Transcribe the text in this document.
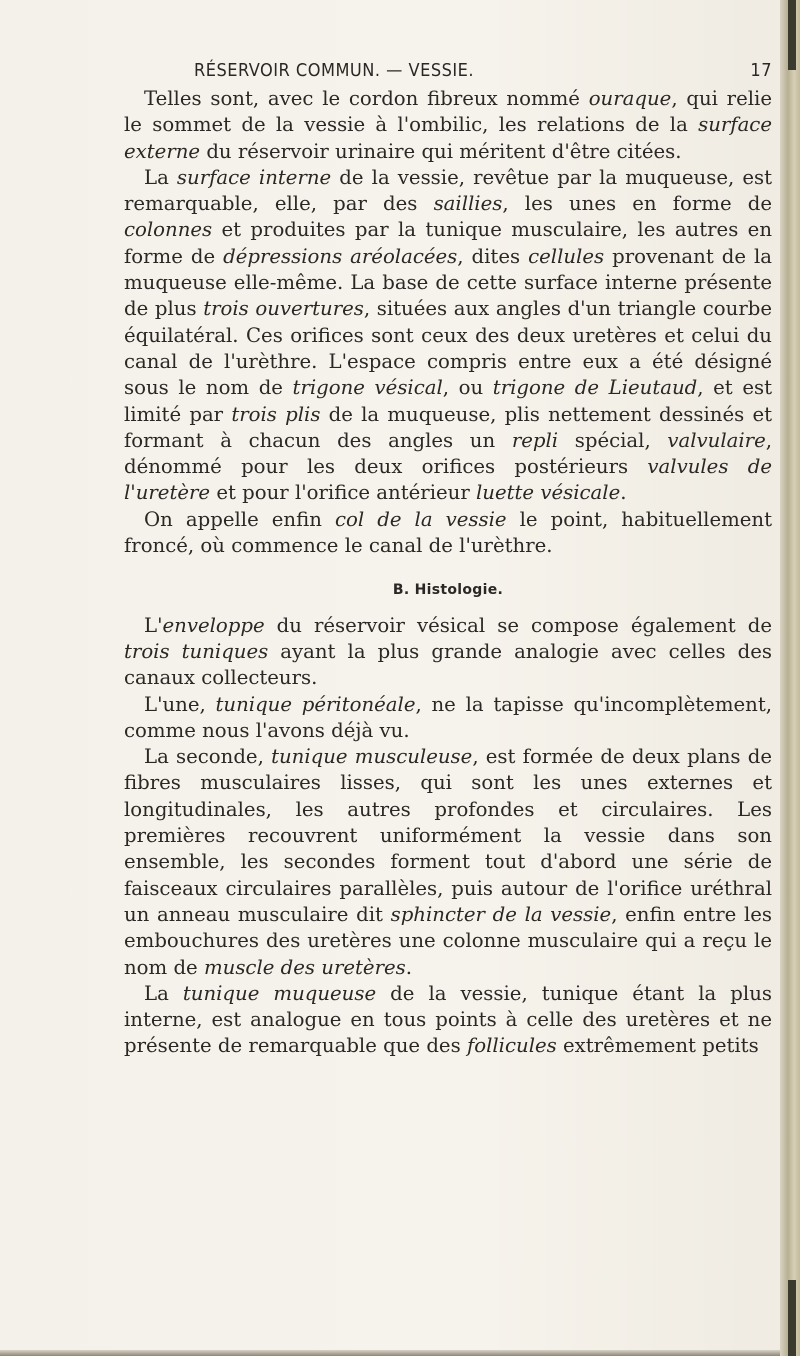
RÉSERVOIR COMMUN. — VESSIE.	17

Telles sont, avec le cordon fibreux nommé ouraque, qui relie le sommet de la vessie à l'ombilic, les relations de la surface externe du réservoir urinaire qui méritent d'être citées.

La surface interne de la vessie, revêtue par la muqueuse, est remarquable, elle, par des saillies, les unes en forme de colonnes et produites par la tunique musculaire, les autres en forme de dépressions aréolacées, dites cellules provenant de la muqueuse elle-même. La base de cette surface interne présente de plus trois ouvertures, situées aux angles d'un triangle courbe équilatéral. Ces orifices sont ceux des deux uretères et celui du canal de l'urèthre. L'espace compris entre eux a été désigné sous le nom de trigone vésical, ou trigone de Lieutaud, et est limité par trois plis de la muqueuse, plis nettement dessinés et formant à chacun des angles un repli spécial, valvulaire, dénommé pour les deux orifices postérieurs valvules de l'uretère et pour l'orifice antérieur luette vésicale.

On appelle enfin col de la vessie le point, habituellement froncé, où commence le canal de l'urèthre.

B. Histologie.

L'enveloppe du réservoir vésical se compose également de trois tuniques ayant la plus grande analogie avec celles des canaux collecteurs.

L'une, tunique péritonéale, ne la tapisse qu'incomplètement, comme nous l'avons déjà vu.

La seconde, tunique musculeuse, est formée de deux plans de fibres musculaires lisses, qui sont les unes externes et longitudinales, les autres profondes et circulaires. Les premières recouvrent uniformément la vessie dans son ensemble, les secondes forment tout d'abord une série de faisceaux circulaires parallèles, puis autour de l'orifice uréthral un anneau musculaire dit sphincter de la vessie, enfin entre les embouchures des uretères une colonne musculaire qui a reçu le nom de muscle des uretères.

La tunique muqueuse de la vessie, tunique étant la plus interne, est analogue en tous points à celle des uretères et ne présente de remarquable que des follicules extrêmement petits
